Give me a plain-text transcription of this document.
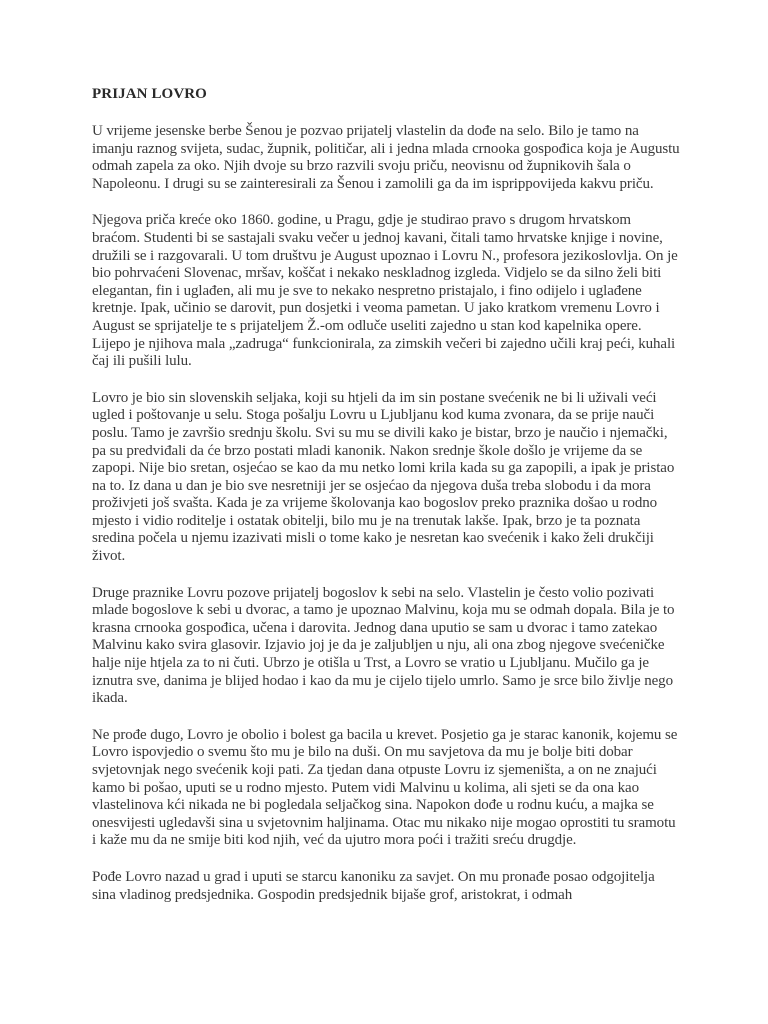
PRIJAN LOVRO

U vrijeme jesenske berbe Šenou je pozvao prijatelj vlastelin da dođe na selo. Bilo je tamo na imanju raznog svijeta, sudac, župnik, političar, ali i jedna mlada crnooka gospođica koja je Augustu odmah zapela za oko. Njih dvoje su brzo razvili svoju priču, neovisnu od župnikovih šala o Napoleonu. I drugi su se zainteresirali za Šenou i zamolili ga da im isprippovijeda kakvu priču.

Njegova priča kreće oko 1860. godine, u Pragu, gdje je studirao pravo s drugom hrvatskom braćom. Studenti bi se sastajali svaku večer u jednoj kavani, čitali tamo hrvatske knjige i novine, družili se i razgovarali. U tom društvu je August upoznao i Lovru N., profesora jezikoslovlja. On je bio pohrvaćeni Slovenac, mršav, koščat i nekako neskladnog izgleda. Vidjelo se da silno želi biti elegantan, fin i uglađen, ali mu je sve to nekako nespretno pristajalo, i fino odijelo i uglađene kretnje. Ipak, učinio se darovit, pun dosjetki i veoma pametan. U jako kratkom vremenu Lovro i August se sprijateljе te s prijateljem Ž.-om odluče useliti zajedno u stan kod kapelnika opere. Lijepo je njihova mala „zadruga“ funkcionirala, za zimskih večeri bi zajedno učili kraj peći, kuhali čaj ili pušili lulu.

Lovro je bio sin slovenskih seljaka, koji su htjeli da im sin postane svećenik ne bi li uživali veći ugled i poštovanje u selu. Stoga pošalju Lovru u Ljubljanu kod kuma zvonara, da se prije nauči poslu. Tamo je završio srednju školu. Svi su mu se divili kako je bistar, brzo je naučio i njemački, pa su predviđali da će brzo postati mladi kanonik. Nakon srednje škole došlo je vrijeme da se zapopi. Nije bio sretan, osjećao se kao da mu netko lomi krila kada su ga zapopili, a ipak je pristao na to. Iz dana u dan je bio sve nesretniji jer se osjećao da njegova duša treba slobodu i da mora proživjeti još svašta. Kada je za vrijeme školovanja kao bogoslov preko praznika došao u rodno mjesto i vidio roditelje i ostatak obitelji, bilo mu je na trenutak lakše. Ipak, brzo je ta poznata sredina počela u njemu izazivati misli o tome kako je nesretan kao svećenik i kako želi drukčiji život.

Druge praznike Lovru pozove prijatelj bogoslov k sebi na selo. Vlastelin je često volio pozivati mlade bogoslove k sebi u dvorac, a tamo je upoznao Malvinu, koja mu se odmah dopala. Bila je to krasna crnooka gospođica, učena i darovita. Jednog dana uputio se sam u dvorac i tamo zatekao Malvinu kako svira glasovir. Izjavio joj je da je zaljubljen u nju, ali ona zbog njegove svećeničke halje nije htjela za to ni čuti. Ubrzo je otišla u Trst, a Lovro se vratio u Ljubljanu. Mučilo ga je iznutra sve, danima je blijed hodao i kao da mu je cijelo tijelo umrlo. Samo je srce bilo življe nego ikada.

Ne prođe dugo, Lovro je obolio i bolest ga bacila u krevet. Posjetio ga je starac kanonik, kojemu se Lovro ispovjedio o svemu što mu je bilo na duši. On mu savjetova da mu je bolje biti dobar svjetovnjak nego svećenik koji pati. Za tjedan dana otpuste Lovru iz sjemeništa, a on ne znajući kamo bi pošao, uputi se u rodno mjesto. Putem vidi Malvinu u kolima, ali sjeti se da ona kao vlastelinova kći nikada ne bi pogledala seljačkog sina. Napokon dođe u rodnu kuću, a majka se onesvijesti ugledavši sina u svjetovnim haljinama. Otac mu nikako nije mogao oprostiti tu sramotu i kaže mu da ne smije biti kod njih, već da ujutro mora poći i tražiti sreću drugdje.

Pođe Lovro nazad u grad i uputi se starcu kanoniku za savjet. On mu pronađe posao odgojitelja sina vladinog predsjednika. Gospodin predsjednik bijaše grof, aristokrat, i odmah
